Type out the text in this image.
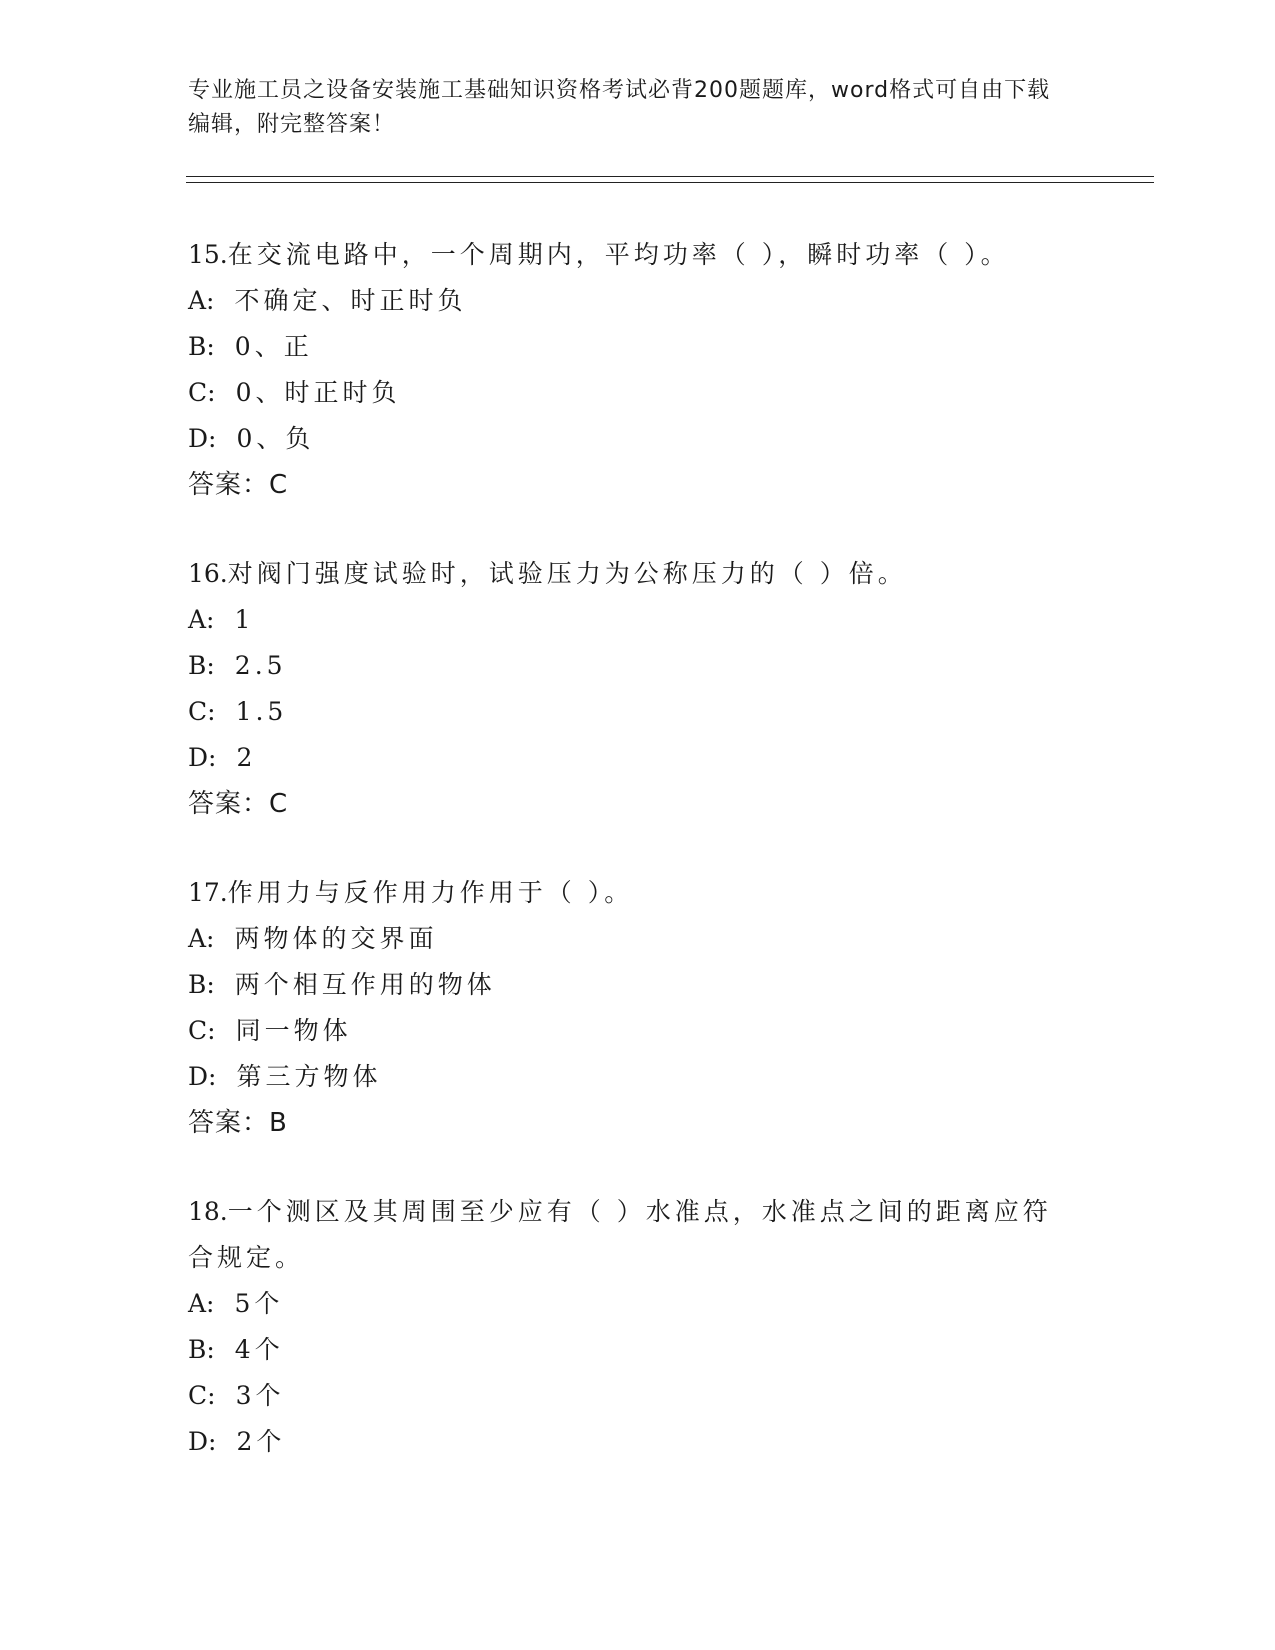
专业施工员之设备安装施工基础知识资格考试必背200题题库，word格式可自由下载编辑，附完整答案！
15.在交流电路中，一个周期内，平均功率（ ），瞬时功率（ ）。
A: 不确定、时正时负
B: 0、正
C: 0、时正时负
D: 0、负
答案：C
16.对阀门强度试验时，试验压力为公称压力的（ ）倍。
A: 1
B: 2.5
C: 1.5
D: 2
答案：C
17.作用力与反作用力作用于（ ）。
A: 两物体的交界面
B: 两个相互作用的物体
C: 同一物体
D: 第三方物体
答案：B
18.一个测区及其周围至少应有（ ）水准点，水准点之间的距离应符合规定。
A: 5个
B: 4个
C: 3个
D: 2个
